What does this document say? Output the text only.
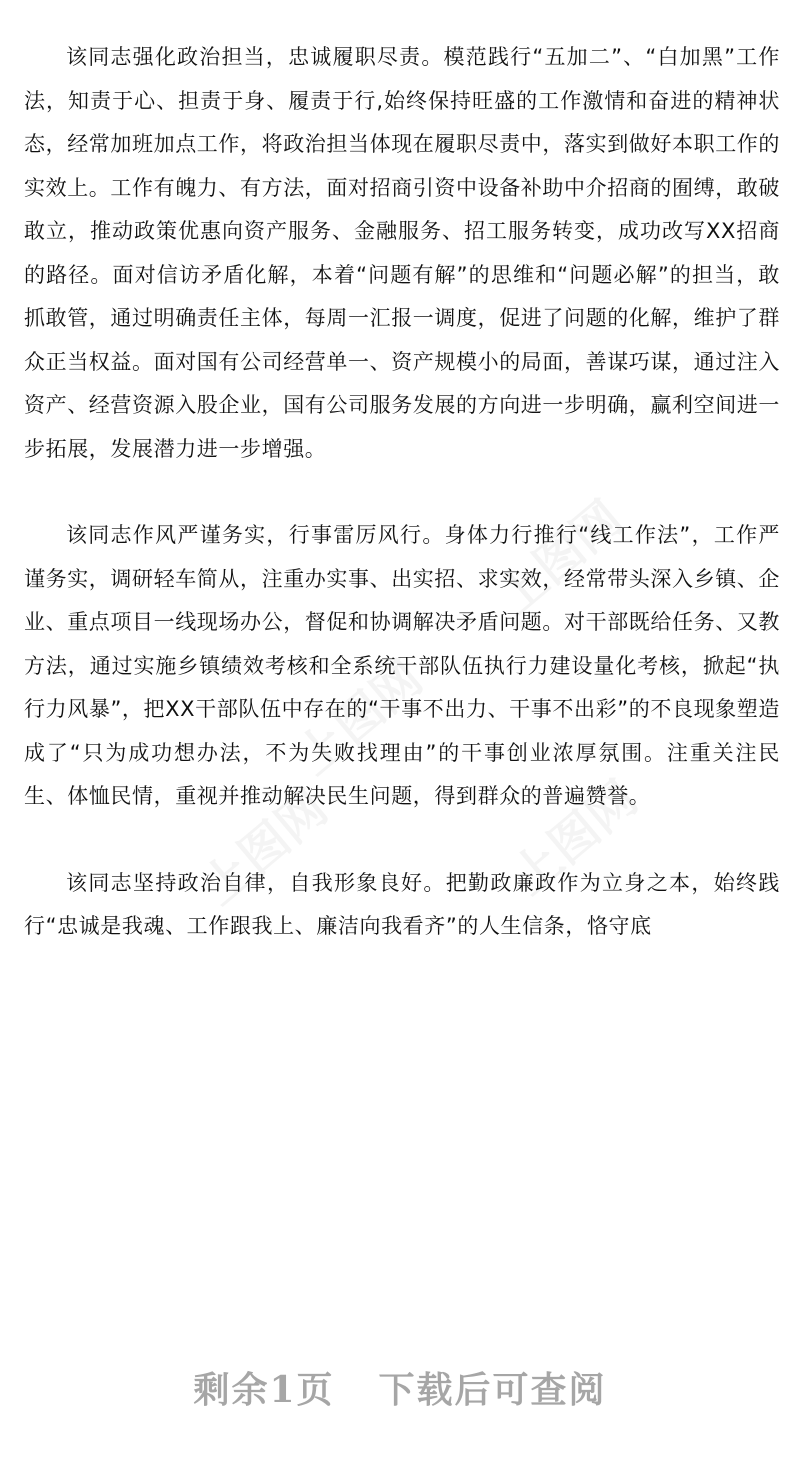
上图网
上图网
上图网
上图网

该同志强化政治担当，忠诚履职尽责。模范践行“五加二”、“白加黑”工作法，知责于心、担责于身、履责于行,始终保持旺盛的工作激情和奋进的精神状态，经常加班加点工作，将政治担当体现在履职尽责中，落实到做好本职工作的实效上。工作有魄力、有方法，面对招商引资中设备补助中介招商的囿缚，敢破敢立，推动政策优惠向资产服务、金融服务、招工服务转变，成功改写XX招商的路径。面对信访矛盾化解，本着“问题有解”的思维和“问题必解”的担当，敢抓敢管，通过明确责任主体，每周一汇报一调度，促进了问题的化解，维护了群众正当权益。面对国有公司经营单一、资产规模小的局面，善谋巧谋，通过注入资产、经营资源入股企业，国有公司服务发展的方向进一步明确，赢利空间进一步拓展，发展潜力进一步增强。

该同志作风严谨务实，行事雷厉风行。身体力行推行“线工作法”，工作严谨务实，调研轻车简从，注重办实事、出实招、求实效，经常带头深入乡镇、企业、重点项目一线现场办公，督促和协调解决矛盾问题。对干部既给任务、又教方法，通过实施乡镇绩效考核和全系统干部队伍执行力建设量化考核，掀起“执行力风暴”，把XX干部队伍中存在的“干事不出力、干事不出彩”的不良现象塑造成了“只为成功想办法，不为失败找理由”的干事创业浓厚氛围。注重关注民生、体恤民情，重视并推动解决民生问题，得到群众的普遍赞誉。

该同志坚持政治自律，自我形象良好。把勤政廉政作为立身之本，始终践行“忠诚是我魂、工作跟我上、廉洁向我看齐”的人生信条，恪守底

剩余1页 下载后可查阅
